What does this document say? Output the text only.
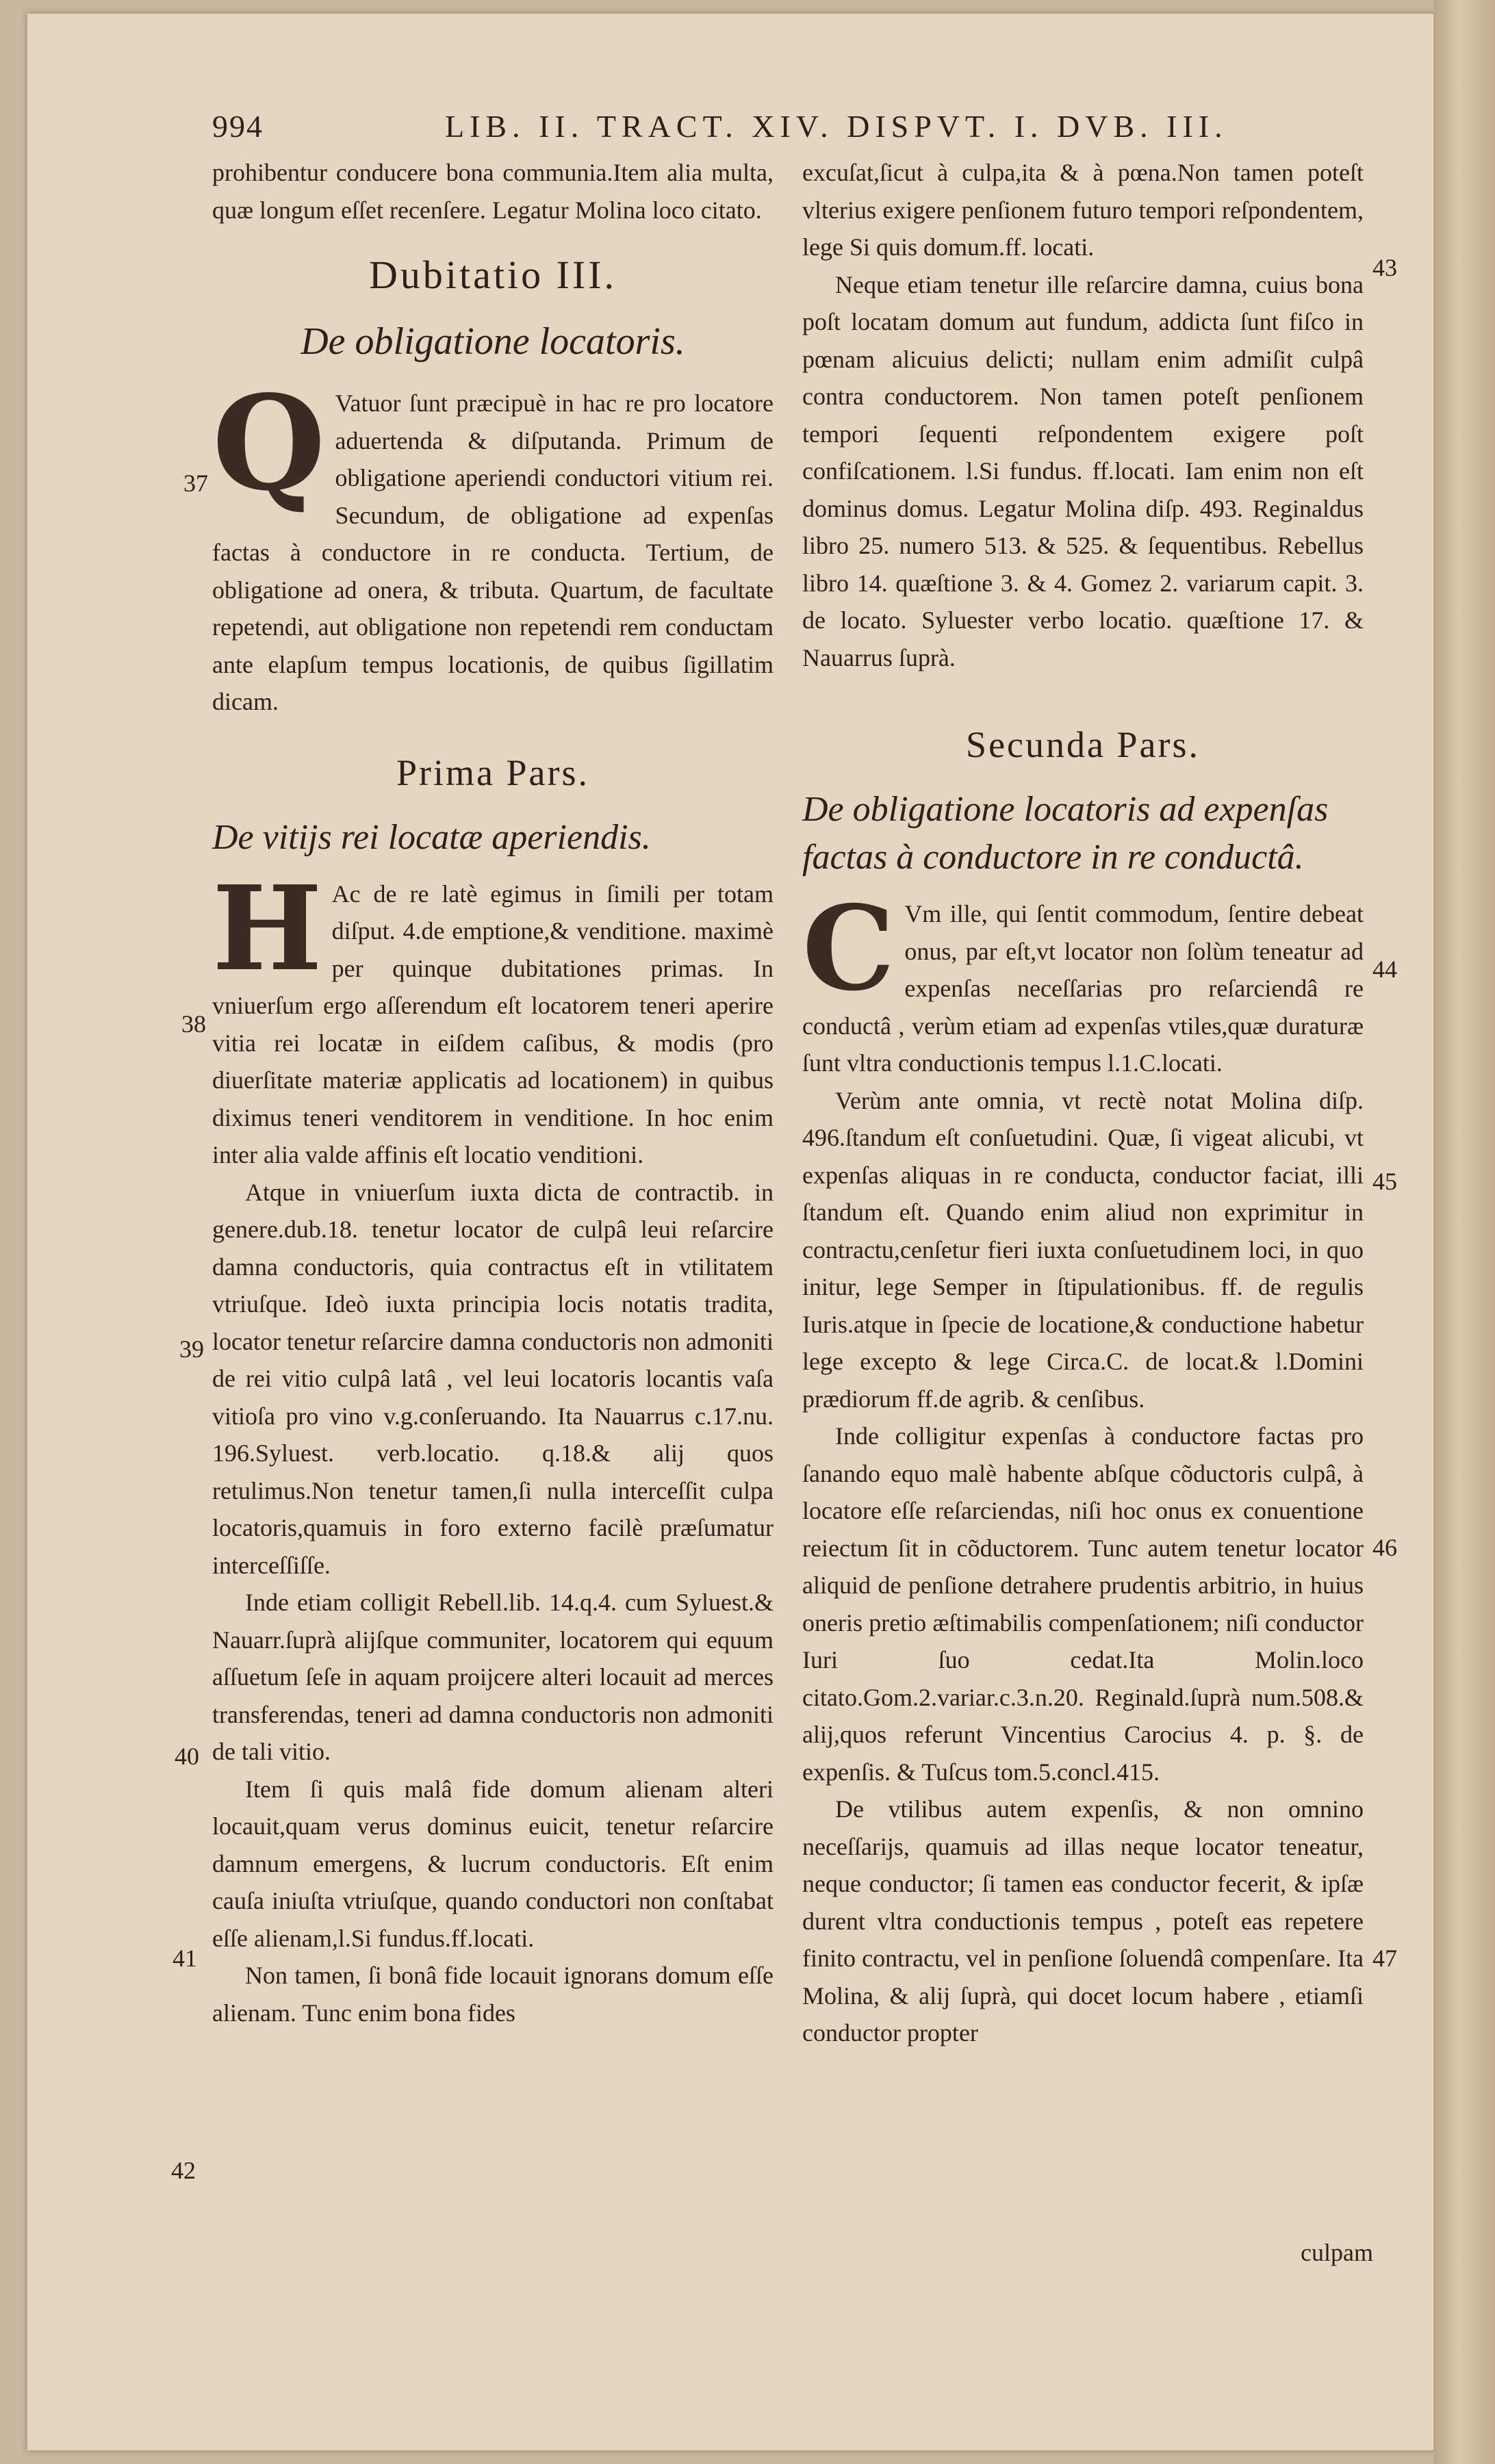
994	LIB. II. TRACT. XIV. DISPVT. I. DVB. III.

prohibentur conducere bona communia.Item alia multa, quæ longum eſſet recenſere. Legatur Molina loco citato.

Dubitatio III.
De obligatione locatoris.
Q Vatuor ſunt præcipuè in hac re pro locatore aduertenda & diſputanda. Primum de obligatione aperiendi conductori vitium rei. Secundum, de obligatione ad expenſas factas à conductore in re conducta. Tertium, de obligatione ad onera, & tributa. Quartum, de facultate repetendi, aut obligatione non repetendi rem conductam ante elapſum tempus locationis, de quibus ſigillatim dicam.
Prima Pars.
De vitijs rei locatæ aperiendis.
H Ac de re latè egimus in ſimili per totam diſput. 4.de emptione,& venditione. maximè per quinque dubitationes primas. In vniuerſum ergo aſſerendum eſt locatorem teneri aperire vitia rei locatæ in eiſdem caſibus, & modis (pro diuerſitate materiæ applicatis ad locationem) in quibus diximus teneri venditorem in venditione. In hoc enim inter alia valde affinis eſt locatio venditioni.
Atque in vniuerſum iuxta dicta de contractib. in genere.dub.18. tenetur locator de culpâ leui reſarcire damna conductoris, quia contractus eſt in vtilitatem vtriuſque. Ideò iuxta principia locis notatis tradita, locator tenetur reſarcire damna conductoris non admoniti de rei vitio culpâ latâ , vel leui locatoris locantis vaſa vitioſa pro vino v.g.conſeruando. Ita Nauarrus c.17.nu. 196.Syluest. verb.locatio. q.18.& alij quos retulimus.Non tenetur tamen,ſi nulla interceſſit culpa locatoris,quamuis in foro externo facilè præſumatur interceſſiſſe.
Inde etiam colligit Rebell.lib. 14.q.4. cum Syluest.& Nauarr.ſuprà alijſque communiter, locatorem qui equum aſſuetum ſeſe in aquam proijcere alteri locauit ad merces transferendas, teneri ad damna conductoris non admoniti de tali vitio.
Item ſi quis malâ fide domum alienam alteri locauit,quam verus dominus euicit, tenetur reſarcire damnum emergens, & lucrum conductoris. Eſt enim cauſa iniuſta vtriuſque, quando conductori non conſtabat eſſe alienam,l.Si fundus.ff.locati.
Non tamen, ſi bonâ fide locauit ignorans domum eſſe alienam. Tunc enim bona fides
37
38
39
40
41
42

excuſat,ſicut à culpa,ita & à pœna.Non tamen poteſt vlterius exigere penſionem futuro tempori reſpondentem, lege Si quis domum.ff. locati.

Neque etiam tenetur ille reſarcire damna, cuius bona poſt locatam domum aut fundum, addicta ſunt fiſco in pœnam alicuius delicti; nullam enim admiſit culpâ contra conductorem. Non tamen poteſt penſionem tempori ſequenti reſpondentem exigere poſt confiſcationem. l.Si fundus. ff.locati. Iam enim non eſt dominus domus. Legatur Molina diſp. 493. Reginaldus libro 25. numero 513. & 525. & ſequentibus. Rebellus libro 14. quæſtione 3. & 4. Gomez 2. variarum capit. 3. de locato. Syluester verbo locatio. quæſtione 17. & Nauarrus ſuprà.
Secunda Pars.
De obligatione locatoris ad expenſas factas à conductore in re conductâ.
C Vm ille, qui ſentit commodum, ſentire debeat onus, par eſt,vt locator non ſolùm teneatur ad expenſas neceſſarias pro reſarciendâ re conductâ , verùm etiam ad expenſas vtiles,quæ duraturæ ſunt vltra conductionis tempus l.1.C.locati.
Verùm ante omnia, vt rectè notat Molina diſp. 496.ſtandum eſt conſuetudini. Quæ, ſi vigeat alicubi, vt expenſas aliquas in re conducta, conductor faciat, illi ſtandum eſt. Quando enim aliud non exprimitur in contractu,cenſetur fieri iuxta conſuetudinem loci, in quo initur, lege Semper in ſtipulationibus. ff. de regulis Iuris.atque in ſpecie de locatione,& conductione habetur lege excepto & lege Circa.C. de locat.& l.Domini prædiorum ff.de agrib. & cenſibus.
Inde colligitur expenſas à conductore factas pro ſanando equo malè habente abſque cõductoris culpâ, à locatore eſſe reſarciendas, niſi hoc onus ex conuentione reiectum ſit in cõductorem. Tunc autem tenetur locator aliquid de penſione detrahere prudentis arbitrio, in huius oneris pretio æſtimabilis compenſationem; niſi conductor Iuri ſuo cedat.Ita Molin.loco citato.Gom.2.variar.c.3.n.20. Reginald.ſuprà num.508.& alij,quos referunt Vincentius Carocius 4. p. §. de expenſis. & Tuſcus tom.5.concl.415.
De vtilibus autem expenſis, & non omnino neceſſarijs, quamuis ad illas neque locator teneatur, neque conductor; ſi tamen eas conductor fecerit, & ipſæ durent vltra conductionis tempus , poteſt eas repetere finito contractu, vel in penſione ſoluendâ compenſare. Ita Molina, & alij ſuprà, qui docet locum habere , etiamſi conductor propter
43
44
45
46
47
culpam
